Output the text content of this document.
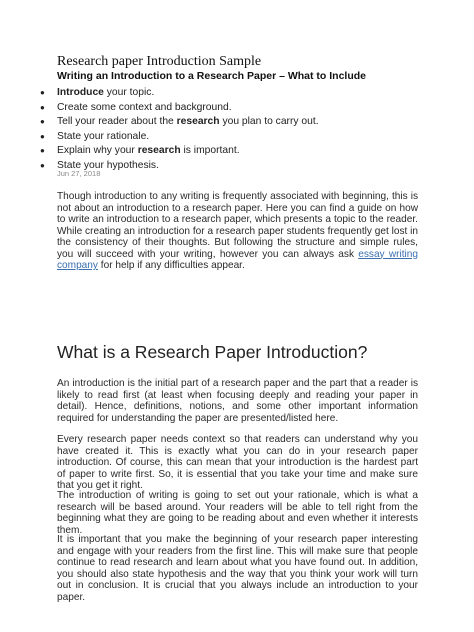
Research paper Introduction Sample
Writing an Introduction to a Research Paper – What to Include
● Introduce your topic.
● Create some context and background.
● Tell your reader about the research you plan to carry out.
● State your rationale.
● Explain why your research is important.
● State your hypothesis.
Jun 27, 2018

Though introduction to any writing is frequently associated with beginning, this is not about an introduction to a research paper. Here you can find a guide on how to write an introduction to a research paper, which presents a topic to the reader. While creating an introduction for a research paper students frequently get lost in the consistency of their thoughts. But following the structure and simple rules, you will succeed with your writing, however you can always ask essay writing company for help if any difficulties appear.

What is a Research Paper Introduction?

An introduction is the initial part of a research paper and the part that a reader is likely to read first (at least when focusing deeply and reading your paper in detail). Hence, definitions, notions, and some other important information required for understanding the paper are presented/listed here.

Every research paper needs context so that readers can understand why you have created it. This is exactly what you can do in your research paper introduction. Of course, this can mean that your introduction is the hardest part of paper to write first. So, it is essential that you take your time and make sure that you get it right.

The introduction of writing is going to set out your rationale, which is what a research will be based around. Your readers will be able to tell right from the beginning what they are going to be reading about and even whether it interests them.

It is important that you make the beginning of your research paper interesting and engage with your readers from the first line. This will make sure that people continue to read research and learn about what you have found out. In addition, you should also state hypothesis and the way that you think your work will turn out in conclusion. It is crucial that you always include an introduction to your paper.
